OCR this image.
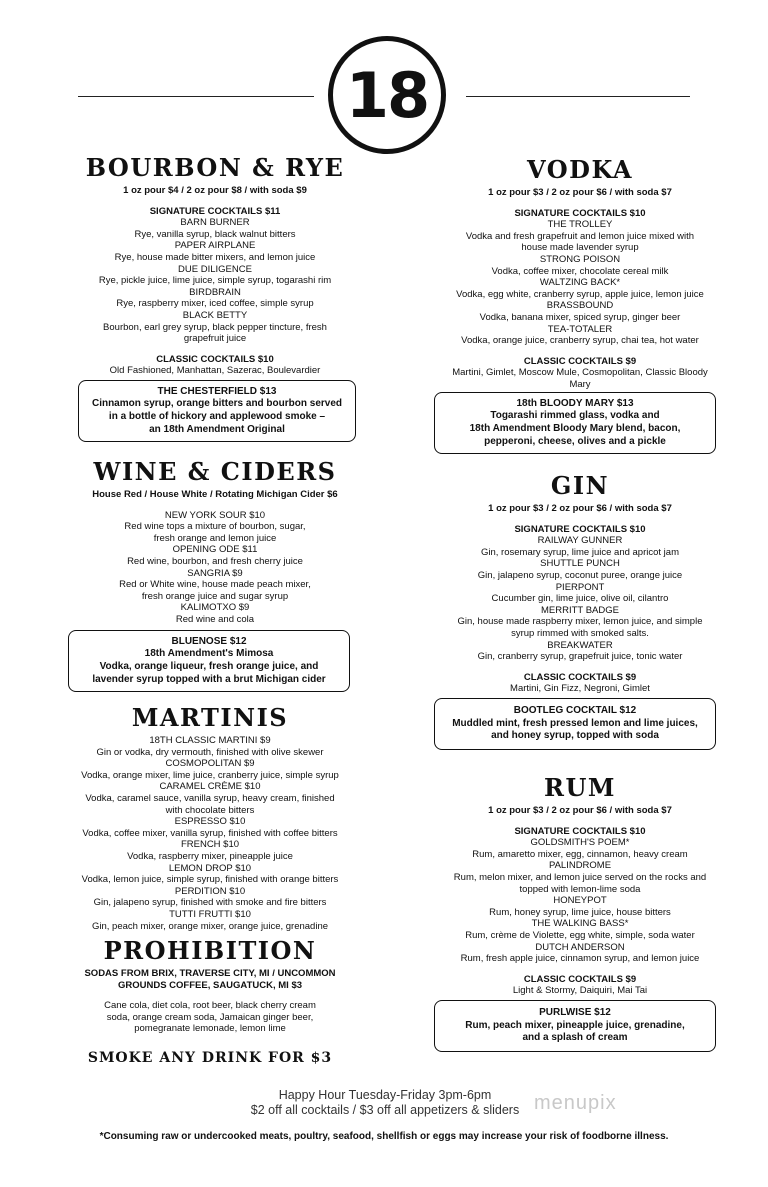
18
BOURBON & RYE
1 oz pour $4 / 2 oz pour $8 / with soda $9
SIGNATURE COCKTAILS $11
BARN BURNER
Rye, vanilla syrup, black walnut bitters
PAPER AIRPLANE
Rye, house made bitter mixers, and lemon juice
DUE DILIGENCE
Rye, pickle juice, lime juice, simple syrup, togarashi rim
BIRDBRAIN
Rye, raspberry mixer, iced coffee, simple syrup
BLACK BETTY
Bourbon, earl grey syrup, black pepper tincture, fresh
grapefruit juice
CLASSIC COCKTAILS $10
Old Fashioned, Manhattan, Sazerac, Boulevardier
THE CHESTERFIELD $13
Cinnamon syrup, orange bitters and bourbon served
in a bottle of hickory and applewood smoke –
an 18th Amendment Original
WINE & CIDERS
House Red / House White / Rotating Michigan Cider $6
NEW YORK SOUR $10
Red wine tops a mixture of bourbon, sugar,
fresh orange and lemon juice
OPENING ODE $11
Red wine, bourbon, and fresh cherry juice
SANGRIA $9
Red or White wine, house made peach mixer,
fresh orange juice and sugar syrup
KALIMOTXO $9
Red wine and cola
BLUENOSE $12
18th Amendment's Mimosa
Vodka, orange liqueur, fresh orange juice, and
lavender syrup topped with a brut Michigan cider
MARTINIS
18TH CLASSIC MARTINI $9
Gin or vodka, dry vermouth, finished with olive skewer
COSMOPOLITAN $9
Vodka, orange mixer, lime juice, cranberry juice, simple syrup
CARAMEL CRÈME $10
Vodka, caramel sauce, vanilla syrup, heavy cream, finished
with chocolate bitters
ESPRESSO $10
Vodka, coffee mixer, vanilla syrup, finished with coffee bitters
FRENCH $10
Vodka, raspberry mixer, pineapple juice
LEMON DROP $10
Vodka, lemon juice, simple syrup, finished with orange bitters
PERDITION $10
Gin, jalapeno syrup, finished with smoke and fire bitters
TUTTI FRUTTI $10
Gin, peach mixer, orange mixer, orange juice, grenadine
PROHIBITION
SODAS FROM BRIX, TRAVERSE CITY, MI / UNCOMMON
GROUNDS COFFEE, SAUGATUCK, MI $3
Cane cola, diet cola, root beer, black cherry cream
soda, orange cream soda, Jamaican ginger beer,
pomegranate lemonade, lemon lime
SMOKE ANY DRINK FOR $3
VODKA
1 oz pour $3 / 2 oz pour $6 / with soda $7
SIGNATURE COCKTAILS $10
THE TROLLEY
Vodka and fresh grapefruit and lemon juice mixed with
house made lavender syrup
STRONG POISON
Vodka, coffee mixer, chocolate cereal milk
WALTZING BACK*
Vodka, egg white, cranberry syrup, apple juice, lemon juice
BRASSBOUND
Vodka, banana mixer, spiced syrup, ginger beer
TEA-TOTALER
Vodka, orange juice, cranberry syrup, chai tea, hot water
CLASSIC COCKTAILS $9
Martini, Gimlet, Moscow Mule, Cosmopolitan, Classic Bloody
Mary
18th BLOODY MARY $13
Togarashi rimmed glass, vodka and
18th Amendment Bloody Mary blend, bacon,
pepperoni, cheese, olives and a pickle
GIN
1 oz pour $3 / 2 oz pour $6 / with soda $7
SIGNATURE COCKTAILS $10
RAILWAY GUNNER
Gin, rosemary syrup, lime juice and apricot jam
SHUTTLE PUNCH
Gin, jalapeno syrup, coconut puree, orange juice
PIERPONT
Cucumber gin, lime juice, olive oil, cilantro
MERRITT BADGE
Gin, house made raspberry mixer, lemon juice, and simple
syrup rimmed with smoked salts.
BREAKWATER
Gin, cranberry syrup, grapefruit juice, tonic water
CLASSIC COCKTAILS $9
Martini, Gin Fizz, Negroni, Gimlet
BOOTLEG COCKTAIL $12
Muddled mint, fresh pressed lemon and lime juices,
and honey syrup, topped with soda
RUM
1 oz pour $3 / 2 oz pour $6 / with soda $7
SIGNATURE COCKTAILS $10
GOLDSMITH'S POEM*
Rum, amaretto mixer, egg, cinnamon, heavy cream
PALINDROME
Rum, melon mixer, and lemon juice served on the rocks and
topped with lemon-lime soda
HONEYPOT
Rum, honey syrup, lime juice, house bitters
THE WALKING BASS*
Rum, crème de Violette, egg white, simple, soda water
DUTCH ANDERSON
Rum, fresh apple juice, cinnamon syrup, and lemon juice
CLASSIC COCKTAILS $9
Light & Stormy, Daiquiri, Mai Tai
PURLWISE $12
Rum, peach mixer, pineapple juice, grenadine,
and a splash of cream
Happy Hour Tuesday-Friday 3pm-6pm
$2 off all cocktails / $3 off all appetizers & sliders menupix
*Consuming raw or undercooked meats, poultry, seafood, shellfish or eggs may increase your risk of foodborne illness.
